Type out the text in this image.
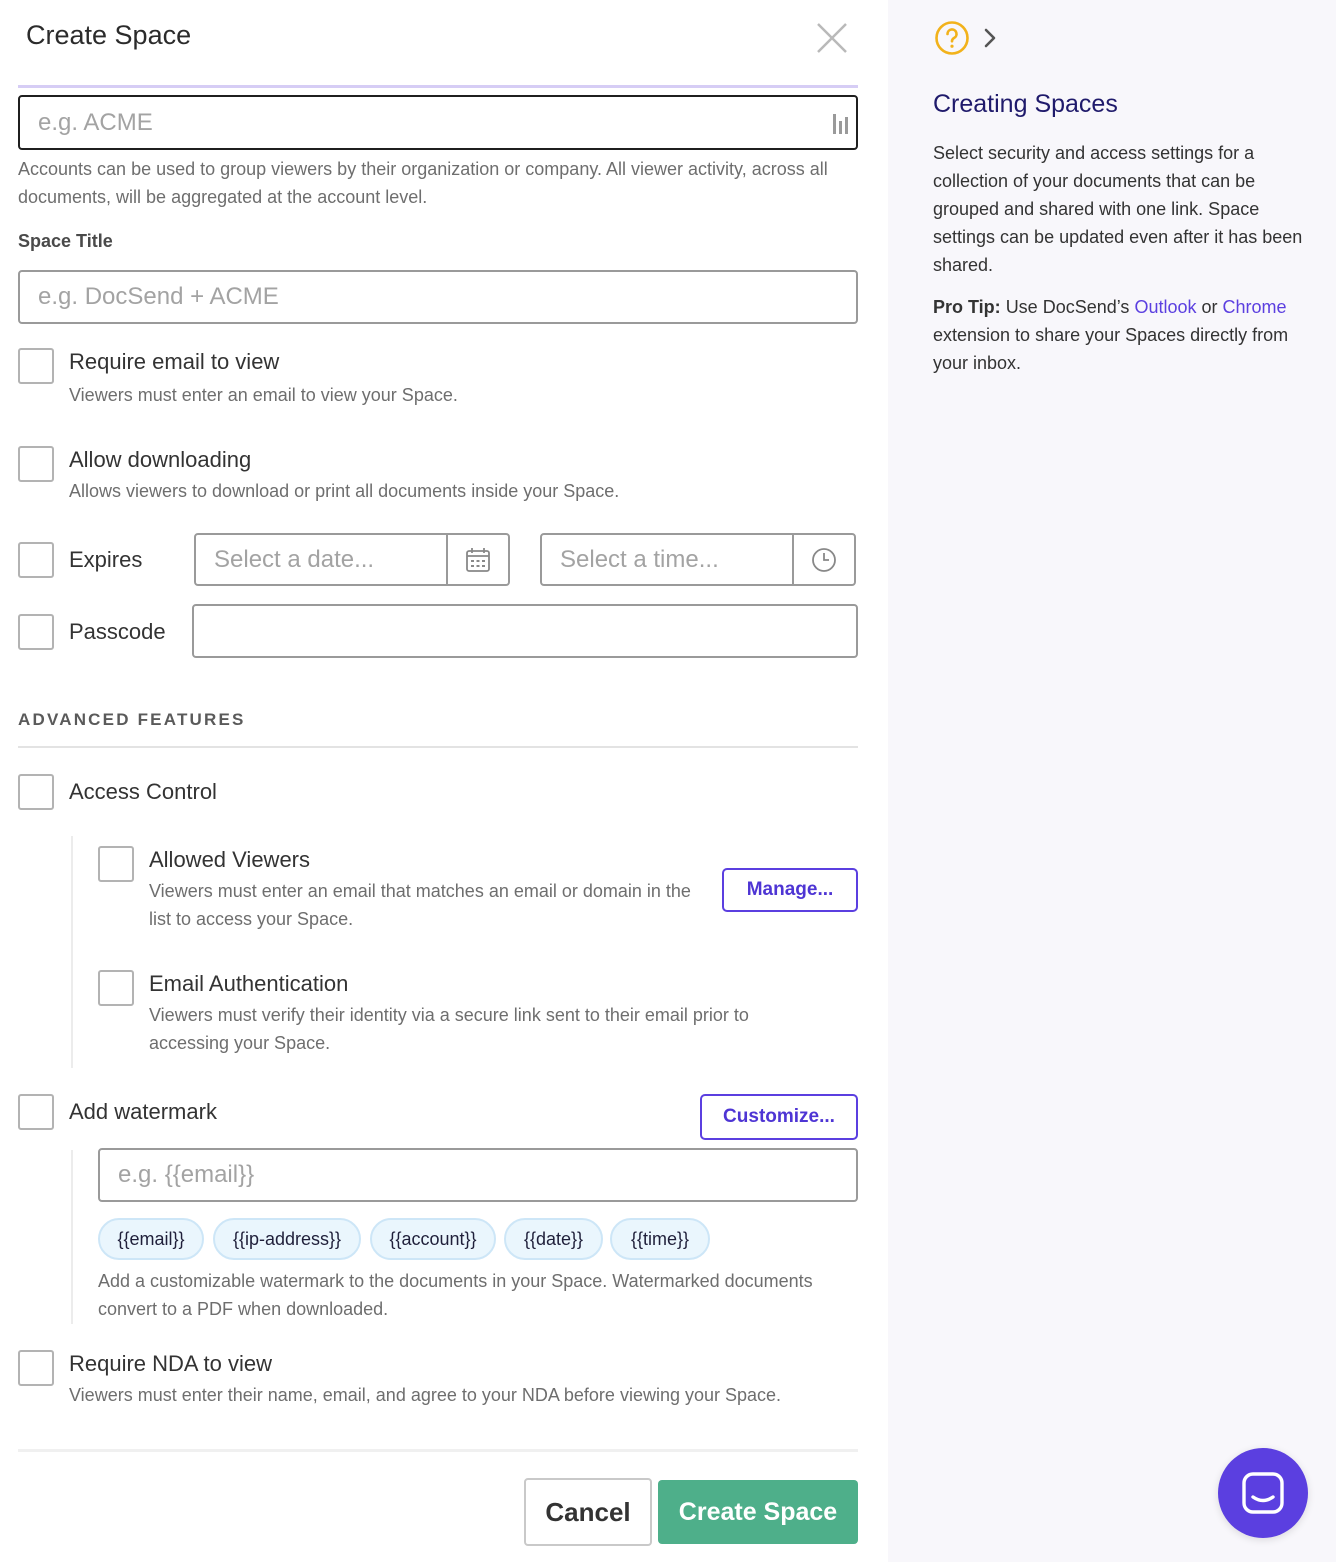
Create Space
e.g. ACME
Accounts can be used to group viewers by their organization or company. All viewer activity, across all documents, will be aggregated at the account level.
Space Title
e.g. DocSend + ACME
Require email to view
Viewers must enter an email to view your Space.
Allow downloading
Allows viewers to download or print all documents inside your Space.
Expires
Select a date...
Select a time...
Passcode
ADVANCED FEATURES
Access Control
Allowed Viewers
Viewers must enter an email that matches an email or domain in the list to access your Space.
Manage...
Email Authentication
Viewers must verify their identity via a secure link sent to their email prior to accessing your Space.
Add watermark	Customize...
e.g. {{email}}
{{email}}	{{ip-address}}	{{account}}	{{date}}	{{time}}
Add a customizable watermark to the documents in your Space. Watermarked documents convert to a PDF when downloaded.
Require NDA to view
Viewers must enter their name, email, and agree to your NDA before viewing your Space.
Cancel	Create Space
Creating Spaces
Select security and access settings for a collection of your documents that can be grouped and shared with one link. Space settings can be updated even after it has been shared.
Pro Tip: Use DocSend’s Outlook or Chrome extension to share your Spaces directly from your inbox.
